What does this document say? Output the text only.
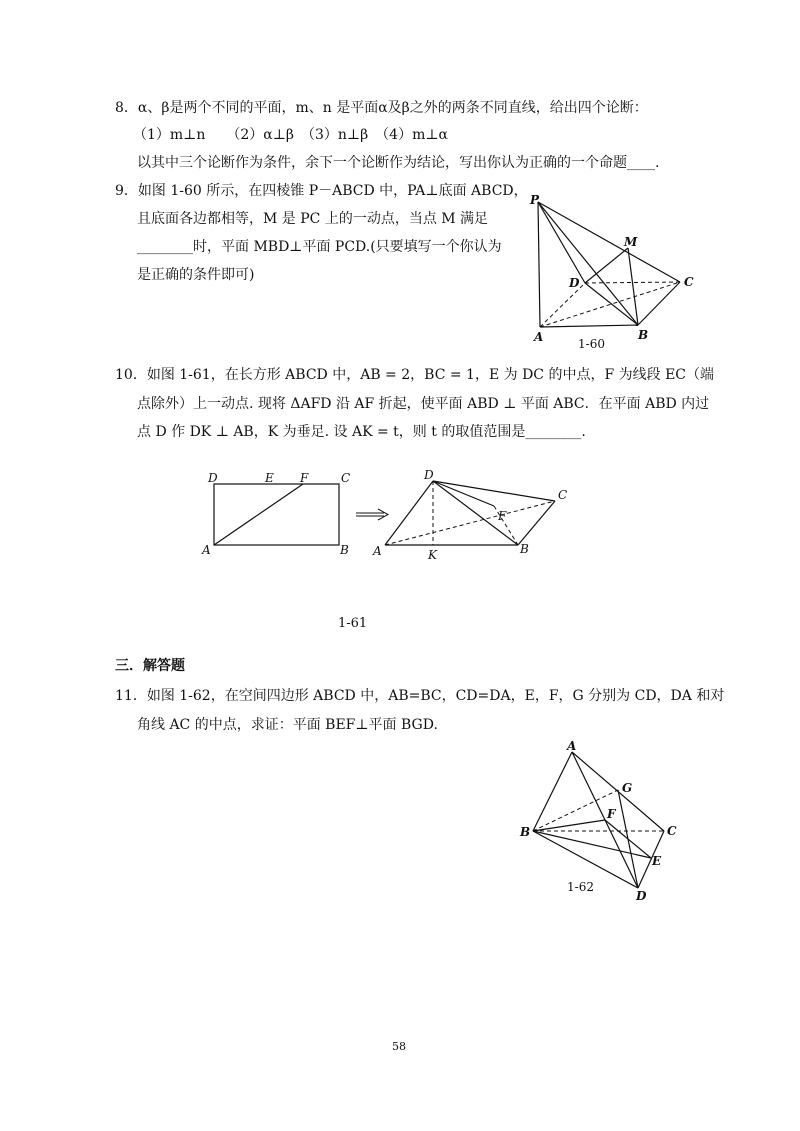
8．α、β是两个不同的平面，m、n 是平面α及β之外的两条不同直线，给出四个论断：
（1）m⊥n　　（2）α⊥β　（3）n⊥β　（4）m⊥α
以其中三个论断作为条件，余下一个论断作为结论，写出你认为正确的一个命题____.
9．如图 1-60 所示，在四棱锥 P－ABCD 中，PA⊥底面 ABCD，
且底面各边都相等，M 是 PC 上的一动点，当点 M 满足
________时，平面 MBD⊥平面 PCD.(只要填写一个你认为
是正确的条件即可)
P
M
D	C
A	B
1-60
10．如图 1-61，在长方形 ABCD 中，AB = 2，BC = 1，E 为 DC 的中点，F 为线段 EC（端
点除外）上一动点. 现将 ΔAFD 沿 AF 折起，使平面 ABD ⊥ 平面 ABC．在平面 ABD 内过
点 D 作 DK ⊥ AB，K 为垂足. 设 AK = t，则 t 的取值范围是________.
D	E F	C
A	B
D
C
F
A	K	B
1-61
三．解答题
11．如图 1-62，在空间四边形 ABCD 中，AB=BC，CD=DA，E，F，G 分别为 CD，DA 和对
角线 AC 的中点，求证：平面 BEF⊥平面 BGD.
A
G
F
B	C
E
D
1-62
58
